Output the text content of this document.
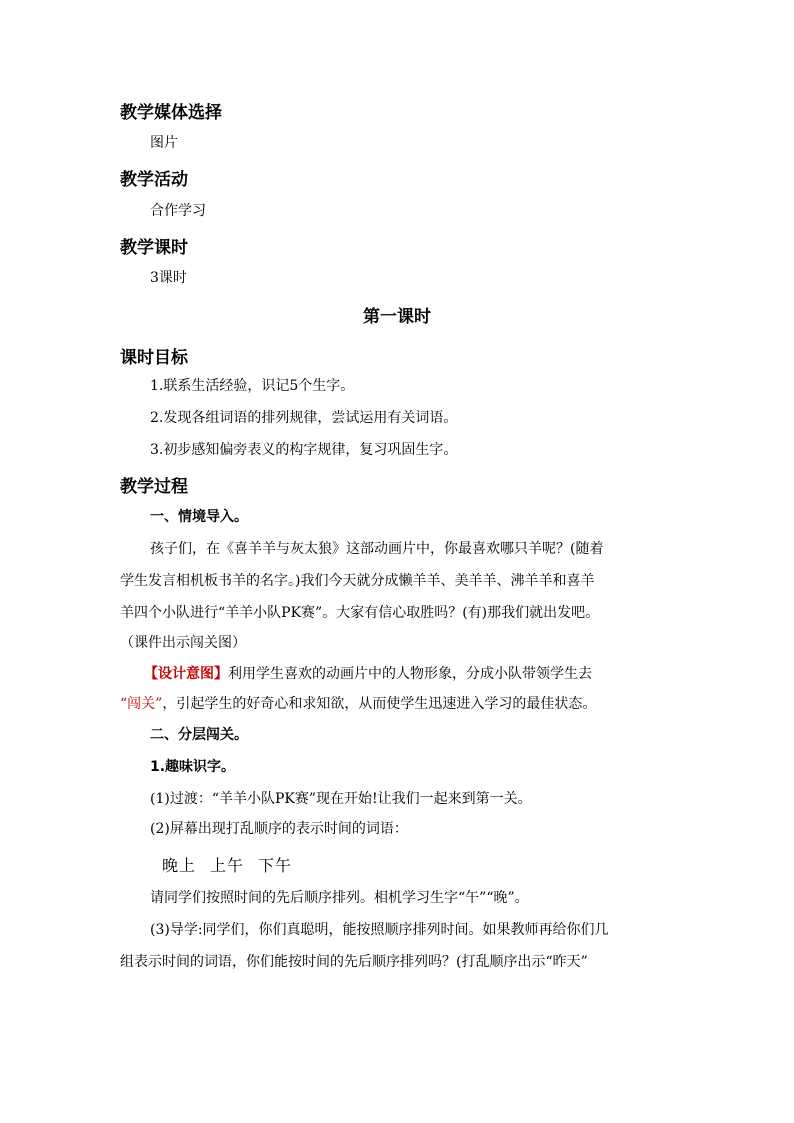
教学媒体选择
图片
教学活动
合作学习
教学课时
3课时
第一课时
课时目标
1.联系生活经验，识记5个生字。
2.发现各组词语的排列规律，尝试运用有关词语。
3.初步感知偏旁表义的构字规律，复习巩固生字。
教学过程
一、情境导入。
孩子们，在《喜羊羊与灰太狼》这部动画片中，你最喜欢哪只羊呢？(随着
学生发言相机板书羊的名字。)我们今天就分成懒羊羊、美羊羊、沸羊羊和喜羊
羊四个小队进行“羊羊小队PK赛”。大家有信心取胜吗？(有)那我们就出发吧。
（课件出示闯关图）
【设计意图】利用学生喜欢的动画片中的人物形象，分成小队带领学生去
“闯关”，引起学生的好奇心和求知欲，从而使学生迅速进入学习的最佳状态。
二、分层闯关。
1.趣味识字。
(1)过渡：“羊羊小队PK赛”现在开始!让我们一起来到第一关。
(2)屏幕出现打乱顺序的表示时间的词语：
晚上 上午 下午
请同学们按照时间的先后顺序排列。相机学习生字“午”“晚”。
(3)导学:同学们，你们真聪明，能按照顺序排列时间。如果教师再给你们几
组表示时间的词语，你们能按时间的先后顺序排列吗？(打乱顺序出示“昨天”
